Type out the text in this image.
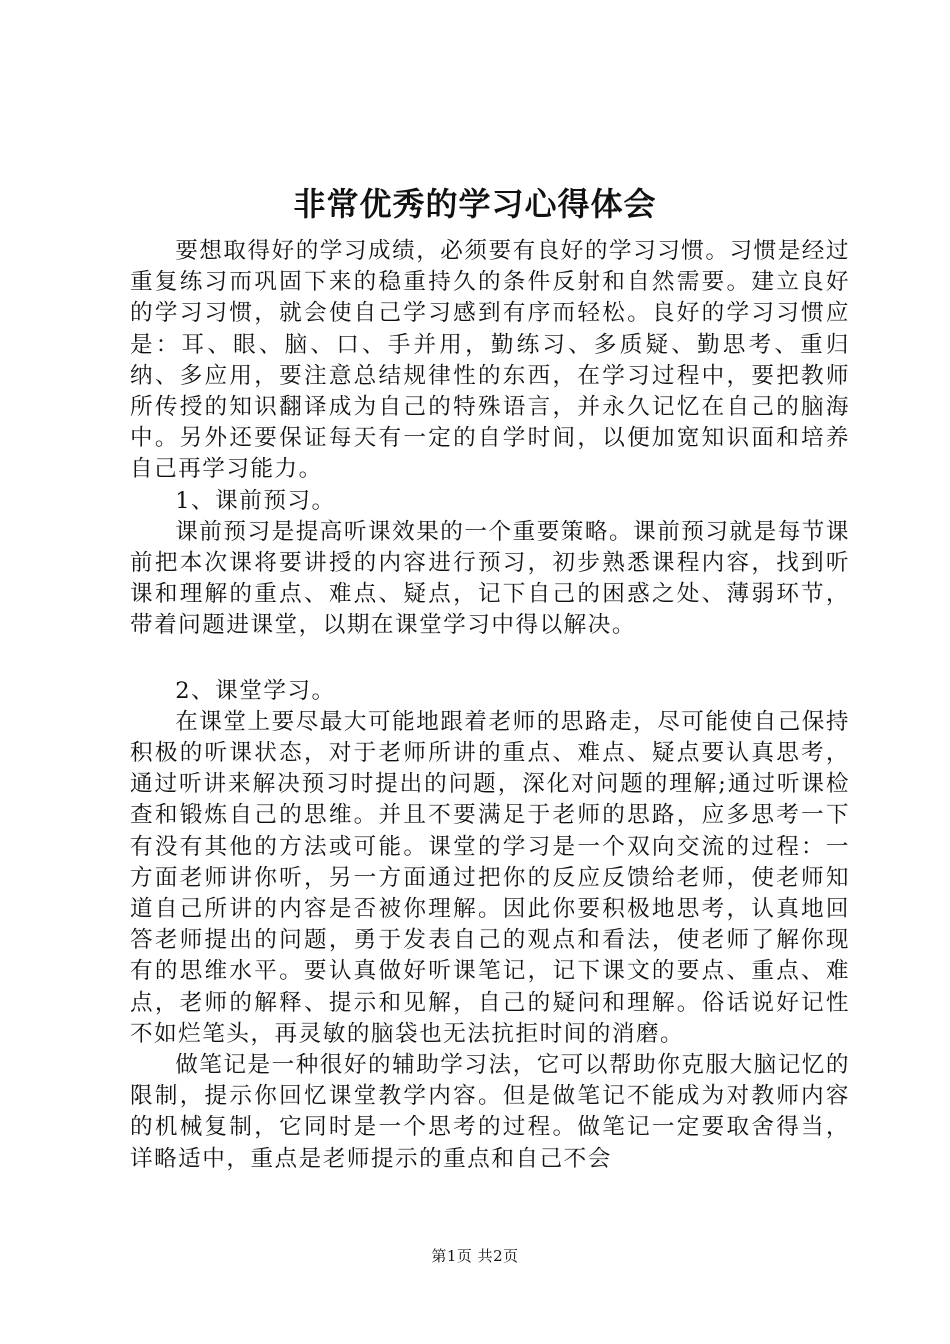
非常优秀的学习心得体会

要想取得好的学习成绩，必须要有良好的学习习惯。习惯是经过重复练习而巩固下来的稳重持久的条件反射和自然需要。建立良好的学习习惯，就会使自己学习感到有序而轻松。良好的学习习惯应是：耳、眼、脑、口、手并用，勤练习、多质疑、勤思考、重归纳、多应用，要注意总结规律性的东西，在学习过程中，要把教师所传授的知识翻译成为自己的特殊语言，并永久记忆在自己的脑海中。另外还要保证每天有一定的自学时间，以便加宽知识面和培养自己再学习能力。

1、课前预习。

课前预习是提高听课效果的一个重要策略。课前预习就是每节课前把本次课将要讲授的内容进行预习，初步熟悉课程内容，找到听课和理解的重点、难点、疑点，记下自己的困惑之处、薄弱环节，带着问题进课堂，以期在课堂学习中得以解决。

2、课堂学习。

在课堂上要尽最大可能地跟着老师的思路走，尽可能使自己保持积极的听课状态，对于老师所讲的重点、难点、疑点要认真思考，通过听讲来解决预习时提出的问题，深化对问题的理解;通过听课检查和锻炼自己的思维。并且不要满足于老师的思路，应多思考一下有没有其他的方法或可能。课堂的学习是一个双向交流的过程：一方面老师讲你听，另一方面通过把你的反应反馈给老师，使老师知道自己所讲的内容是否被你理解。因此你要积极地思考，认真地回答老师提出的问题，勇于发表自己的观点和看法，使老师了解你现有的思维水平。要认真做好听课笔记，记下课文的要点、重点、难点，老师的解释、提示和见解，自己的疑问和理解。俗话说好记性不如烂笔头，再灵敏的脑袋也无法抗拒时间的消磨。

做笔记是一种很好的辅助学习法，它可以帮助你克服大脑记忆的限制，提示你回忆课堂教学内容。但是做笔记不能成为对教师内容的机械复制，它同时是一个思考的过程。做笔记一定要取舍得当，详略适中，重点是老师提示的重点和自己不会

第1页 共2页
